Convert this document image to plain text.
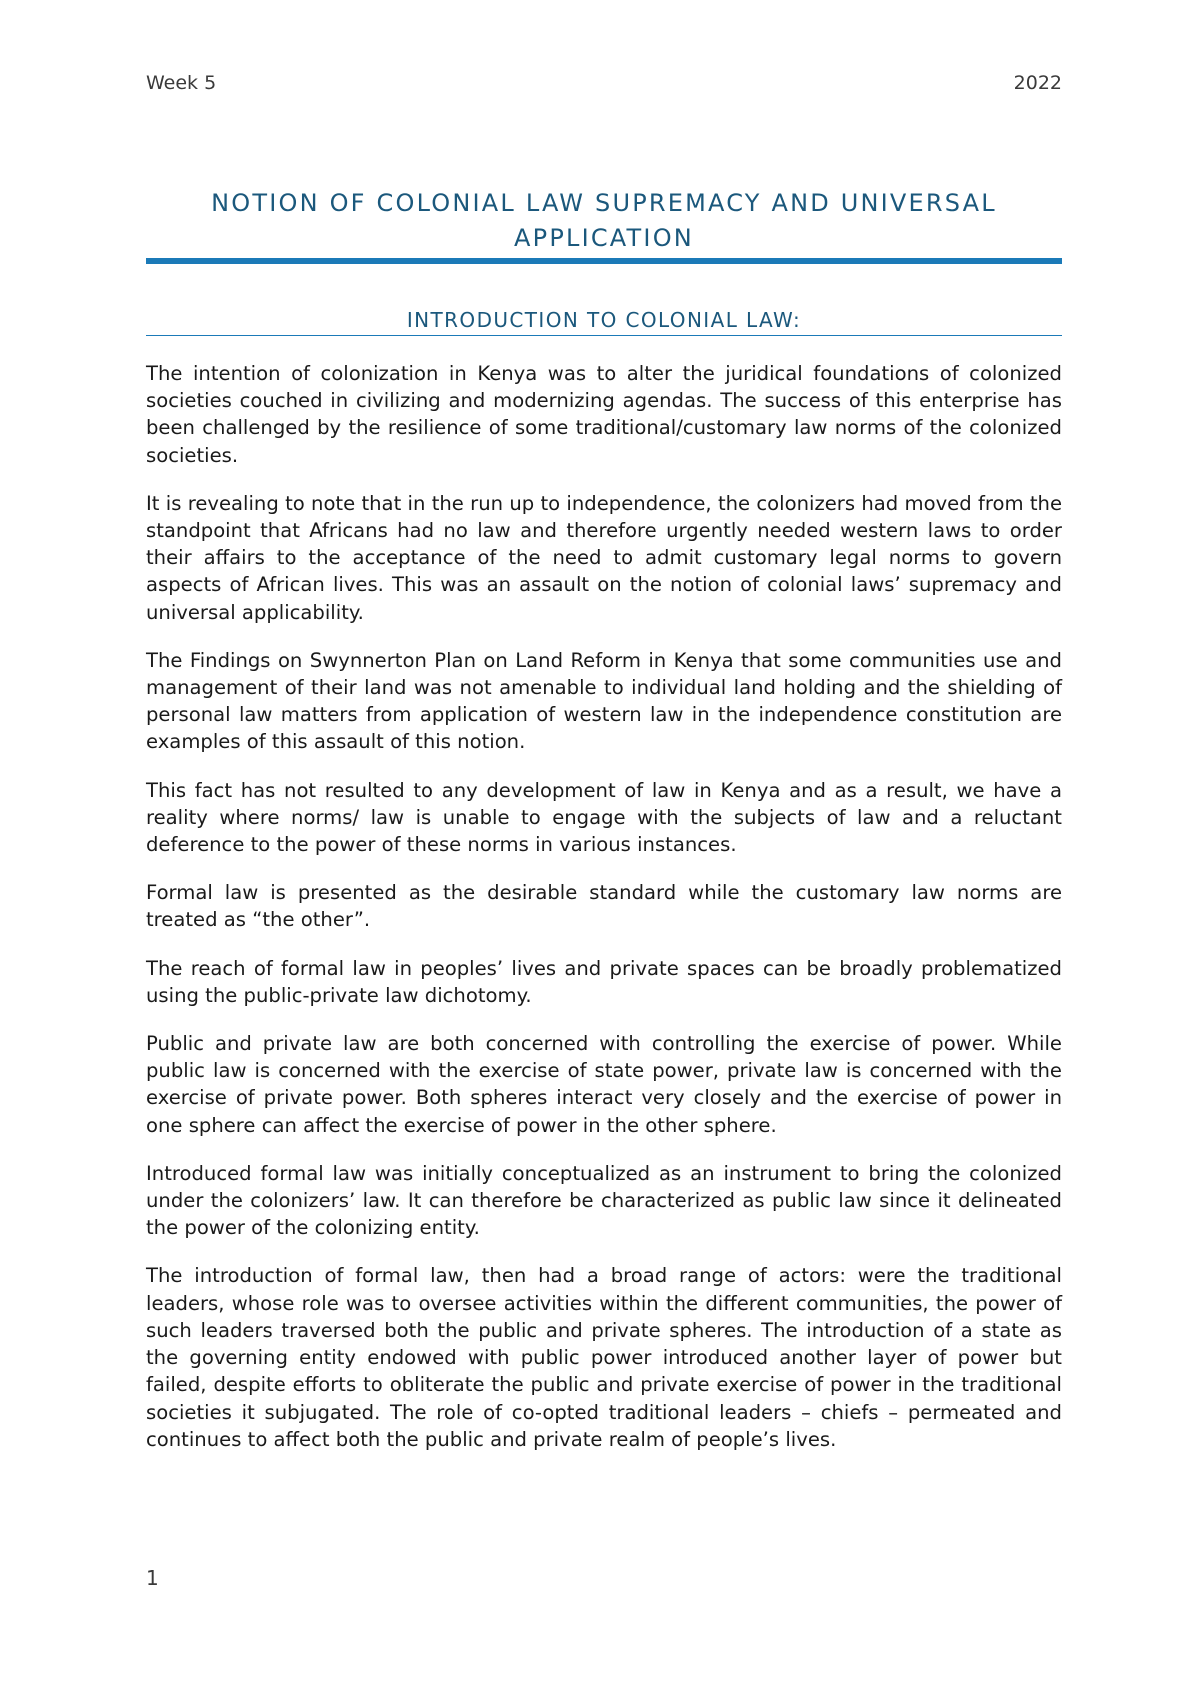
Week 5	2022
NOTION OF COLONIAL LAW SUPREMACY AND UNIVERSAL APPLICATION
INTRODUCTION TO COLONIAL LAW:

The intention of colonization in Kenya was to alter the juridical foundations of colonized societies couched in civilizing and modernizing agendas. The success of this enterprise has been challenged by the resilience of some traditional/customary law norms of the colonized societies.

It is revealing to note that in the run up to independence, the colonizers had moved from the standpoint that Africans had no law and therefore urgently needed western laws to order their affairs to the acceptance of the need to admit customary legal norms to govern aspects of African lives. This was an assault on the notion of colonial laws’ supremacy and universal applicability.

The Findings on Swynnerton Plan on Land Reform in Kenya that some communities use and management of their land was not amenable to individual land holding and the shielding of personal law matters from application of western law in the independence constitution are examples of this assault of this notion.

This fact has not resulted to any development of law in Kenya and as a result, we have a reality where norms/ law is unable to engage with the subjects of law and a reluctant deference to the power of these norms in various instances.

Formal law is presented as the desirable standard while the customary law norms are treated as “the other”.

The reach of formal law in peoples’ lives and private spaces can be broadly problematized using the public-private law dichotomy.

Public and private law are both concerned with controlling the exercise of power. While public law is concerned with the exercise of state power, private law is concerned with the exercise of private power. Both spheres interact very closely and the exercise of power in one sphere can affect the exercise of power in the other sphere.

Introduced formal law was initially conceptualized as an instrument to bring the colonized under the colonizers’ law. It can therefore be characterized as public law since it delineated the power of the colonizing entity.

The introduction of formal law, then had a broad range of actors: were the traditional leaders, whose role was to oversee activities within the different communities, the power of such leaders traversed both the public and private spheres. The introduction of a state as the governing entity endowed with public power introduced another layer of power but failed, despite efforts to obliterate the public and private exercise of power in the traditional societies it subjugated. The role of co-opted traditional leaders – chiefs – permeated and continues to affect both the public and private realm of people’s lives.

1
